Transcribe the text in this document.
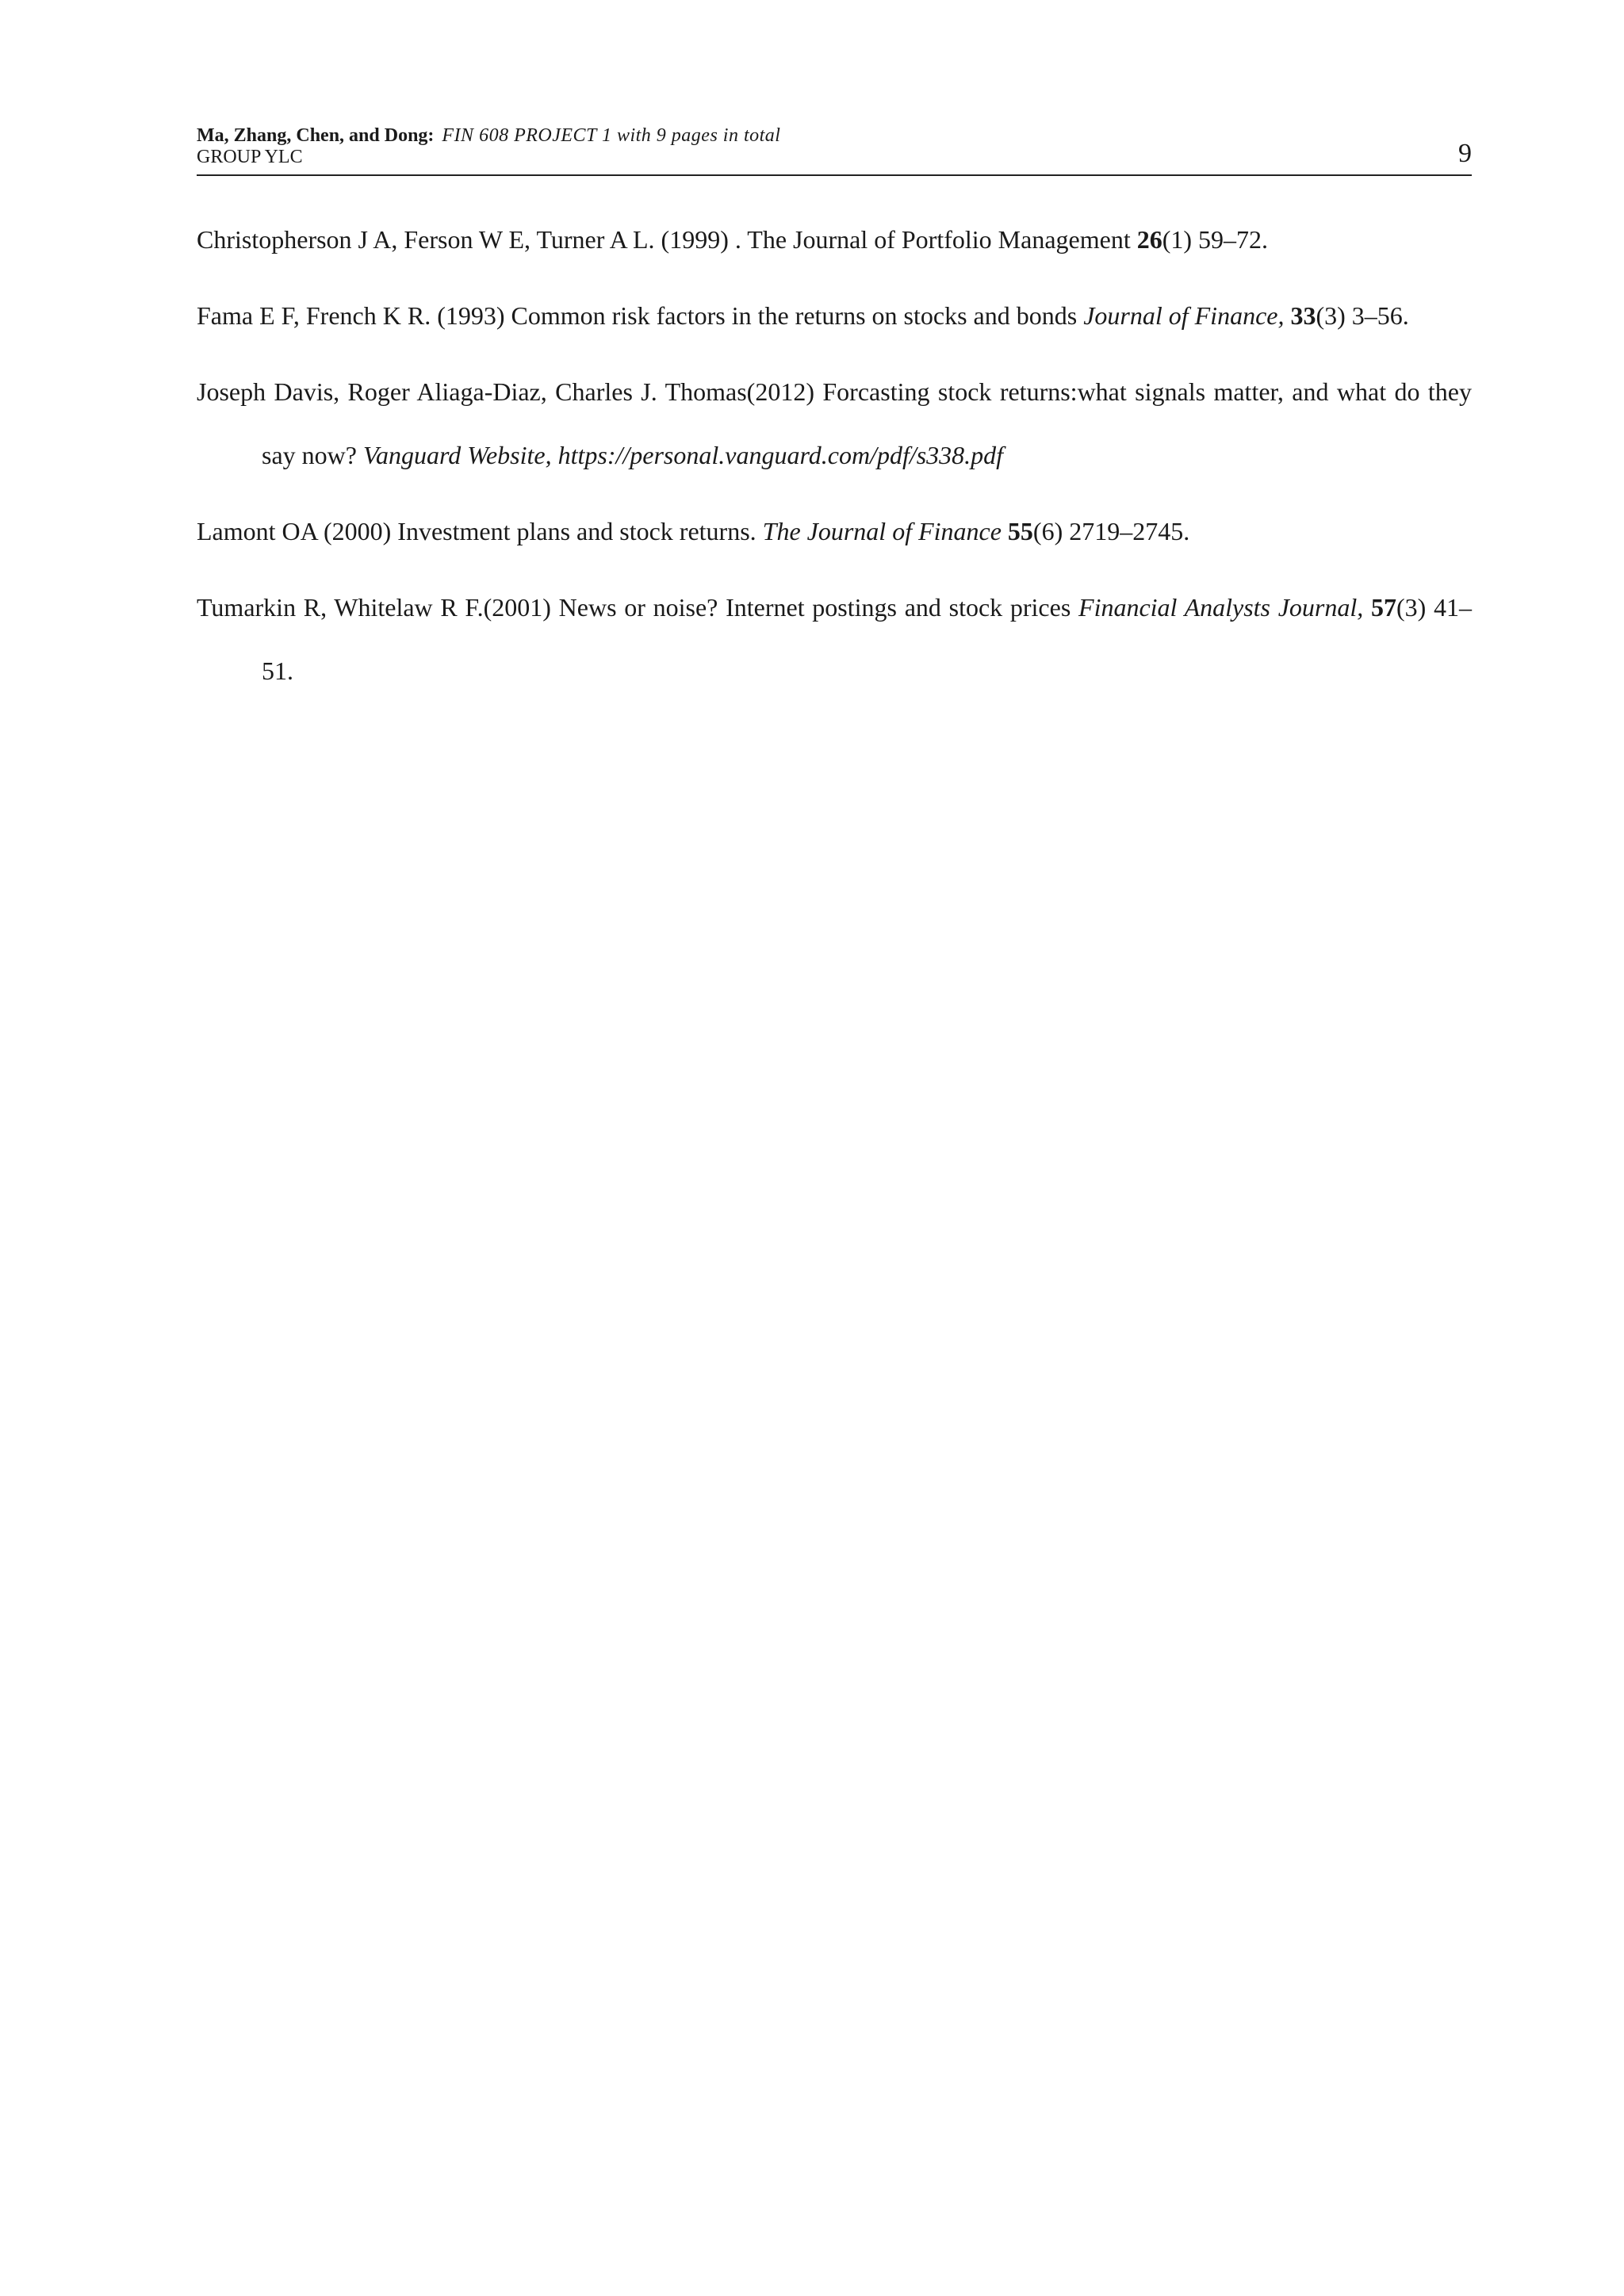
Ma, Zhang, Chen, and Dong: FIN 608 PROJECT 1 with 9 pages in total
GROUP YLC	9

Christopherson J A, Ferson W E, Turner A L. (1999) . The Journal of Portfolio Management 26(1) 59–72.

Fama E F, French K R. (1993) Common risk factors in the returns on stocks and bonds Journal of Finance, 33(3) 3–56.

Joseph Davis, Roger Aliaga-Diaz, Charles J. Thomas(2012) Forcasting stock returns:what signals matter, and what do they say now? Vanguard Website, https://personal.vanguard.com/pdf/s338.pdf

Lamont OA (2000) Investment plans and stock returns. The Journal of Finance 55(6) 2719–2745.

Tumarkin R, Whitelaw R F.(2001) News or noise? Internet postings and stock prices Financial Analysts Journal, 57(3) 41–51.
